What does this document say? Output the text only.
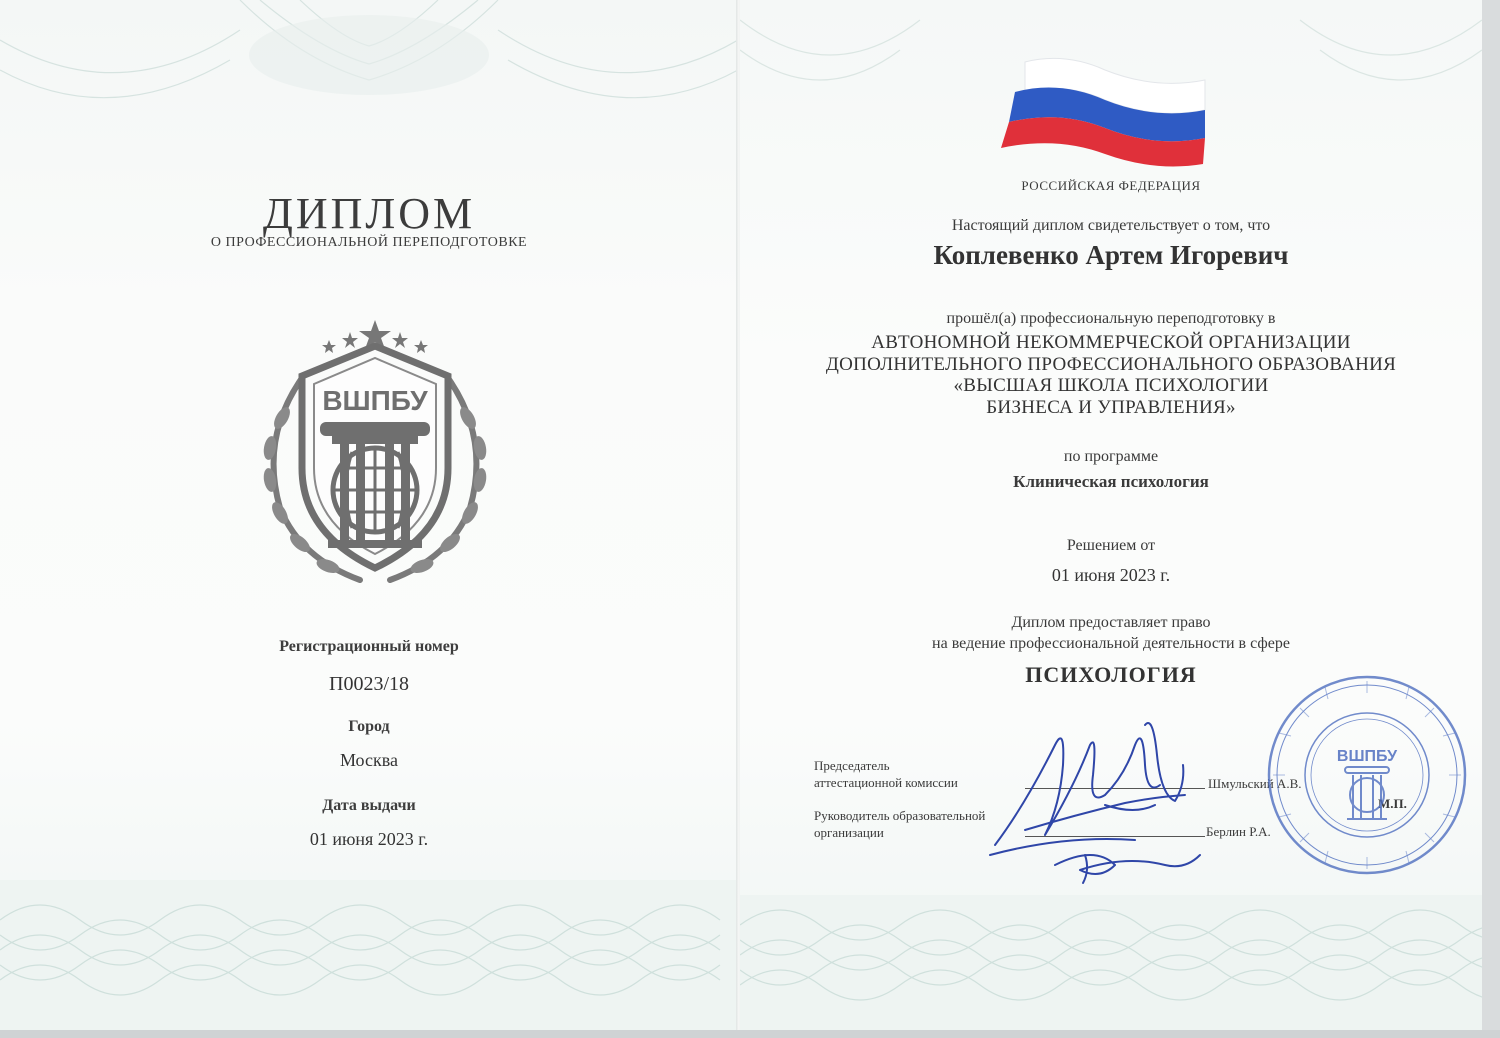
ДИПЛОМ
О ПРОФЕССИОНАЛЬНОЙ ПЕРЕПОДГОТОВКЕ
ВШПБУ
Регистрационный номер
П0023/18
Город
Москва
Дата выдачи
01 июня 2023 г.
РОССИЙСКАЯ ФЕДЕРАЦИЯ
Настоящий диплом свидетельствует о том, что
Коплевенко Артем Игоревич
прошёл(а) профессиональную переподготовку в
АВТОНОМНОЙ НЕКОММЕРЧЕСКОЙ ОРГАНИЗАЦИИ
ДОПОЛНИТЕЛЬНОГО ПРОФЕССИОНАЛЬНОГО ОБРАЗОВАНИЯ
«ВЫСШАЯ ШКОЛА ПСИХОЛОГИИ
БИЗНЕСА И УПРАВЛЕНИЯ»
по программе
Клиническая психология
Решением от
01 июня 2023 г.
Диплом предоставляет право
на ведение профессиональной деятельности в сфере
ПСИХОЛОГИЯ
Председатель
аттестационной комиссии	Шмульский А.В.
Руководитель образовательной
организации	Берлин Р.А.
М.П.
ВШПБУ
